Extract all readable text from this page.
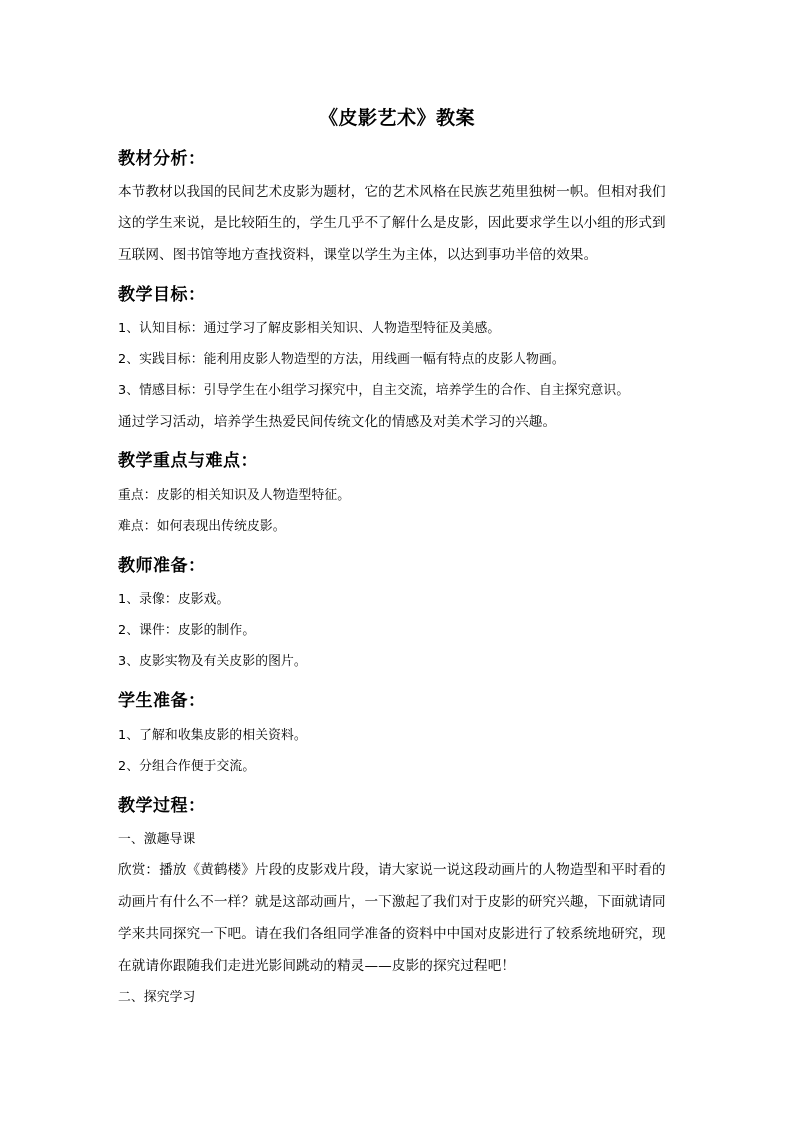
《皮影艺术》教案
教材分析：
本节教材以我国的民间艺术皮影为题材，它的艺术风格在民族艺苑里独树一帜。但相对我们
这的学生来说，是比较陌生的，学生几乎不了解什么是皮影，因此要求学生以小组的形式到
互联网、图书馆等地方查找资料，课堂以学生为主体，以达到事功半倍的效果。
教学目标：
1、认知目标：通过学习了解皮影相关知识、人物造型特征及美感。
2、实践目标：能利用皮影人物造型的方法，用线画一幅有特点的皮影人物画。
3、情感目标：引导学生在小组学习探究中，自主交流，培养学生的合作、自主探究意识。
通过学习活动，培养学生热爱民间传统文化的情感及对美术学习的兴趣。
教学重点与难点：
重点：皮影的相关知识及人物造型特征。
难点：如何表现出传统皮影。
教师准备：
1、录像：皮影戏。
2、课件：皮影的制作。
3、皮影实物及有关皮影的图片。
学生准备：
1、了解和收集皮影的相关资料。
2、分组合作便于交流。
教学过程：
一、激趣导课
欣赏：播放《黄鹤楼》片段的皮影戏片段，请大家说一说这段动画片的人物造型和平时看的
动画片有什么不一样？就是这部动画片，一下激起了我们对于皮影的研究兴趣，下面就请同
学来共同探究一下吧。请在我们各组同学准备的资料中中国对皮影进行了较系统地研究，现
在就请你跟随我们走进光影间跳动的精灵——皮影的探究过程吧！
二、探究学习
